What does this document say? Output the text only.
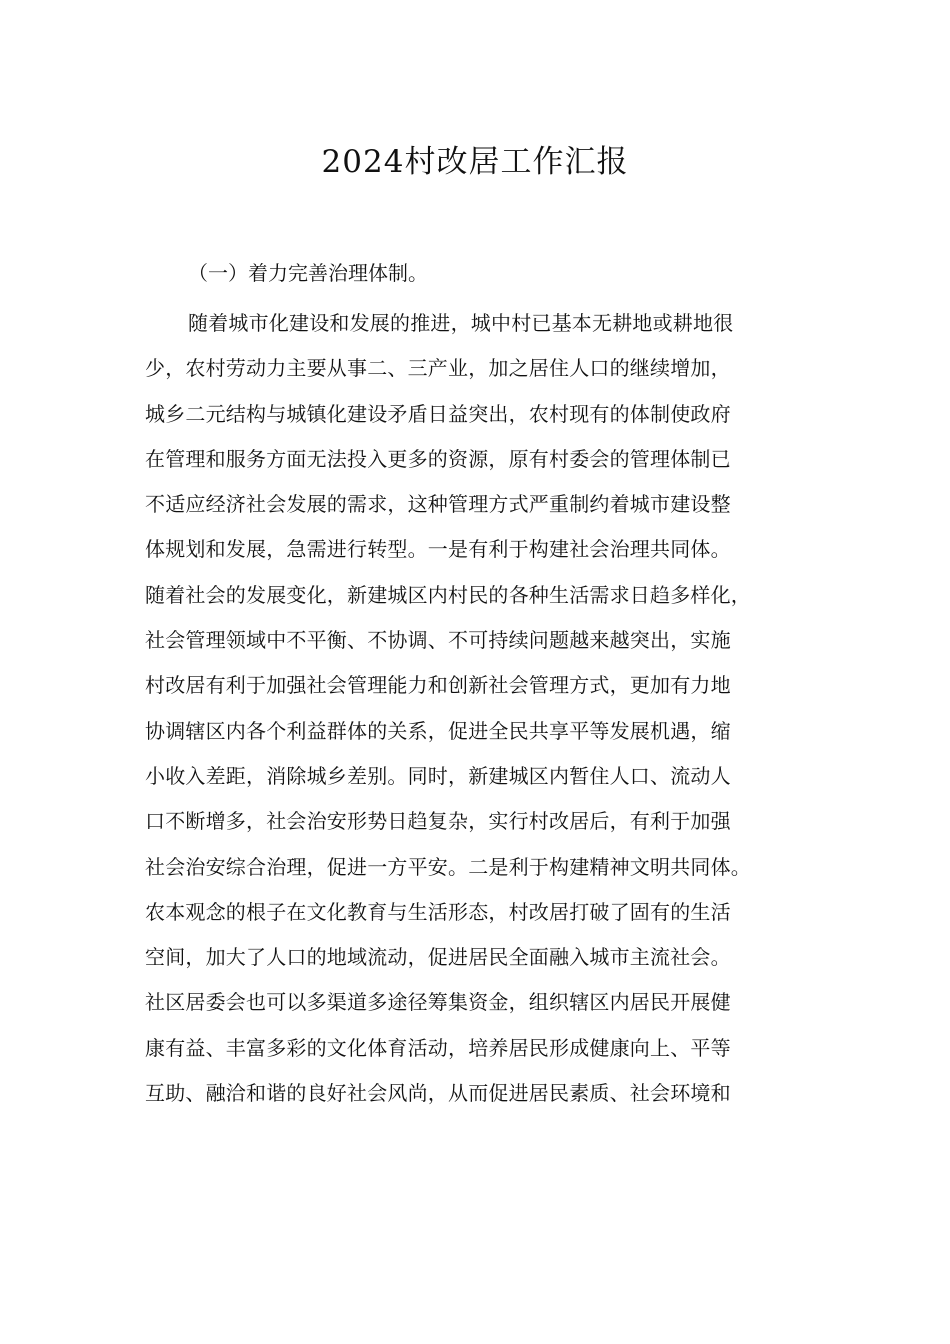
2024村改居工作汇报

（一）着力完善治理体制。

随着城市化建设和发展的推进，城中村已基本无耕地或耕地很
少，农村劳动力主要从事二、三产业，加之居住人口的继续增加，
城乡二元结构与城镇化建设矛盾日益突出，农村现有的体制使政府
在管理和服务方面无法投入更多的资源，原有村委会的管理体制已
不适应经济社会发展的需求，这种管理方式严重制约着城市建设整
体规划和发展，急需进行转型。一是有利于构建社会治理共同体。
随着社会的发展变化，新建城区内村民的各种生活需求日趋多样化，
社会管理领域中不平衡、不协调、不可持续问题越来越突出，实施
村改居有利于加强社会管理能力和创新社会管理方式，更加有力地
协调辖区内各个利益群体的关系，促进全民共享平等发展机遇，缩
小收入差距，消除城乡差别。同时，新建城区内暂住人口、流动人
口不断增多，社会治安形势日趋复杂，实行村改居后，有利于加强
社会治安综合治理，促进一方平安。二是利于构建精神文明共同体。
农本观念的根子在文化教育与生活形态，村改居打破了固有的生活
空间，加大了人口的地域流动，促进居民全面融入城市主流社会。
社区居委会也可以多渠道多途径筹集资金，组织辖区内居民开展健
康有益、丰富多彩的文化体育活动，培养居民形成健康向上、平等
互助、融洽和谐的良好社会风尚，从而促进居民素质、社会环境和
